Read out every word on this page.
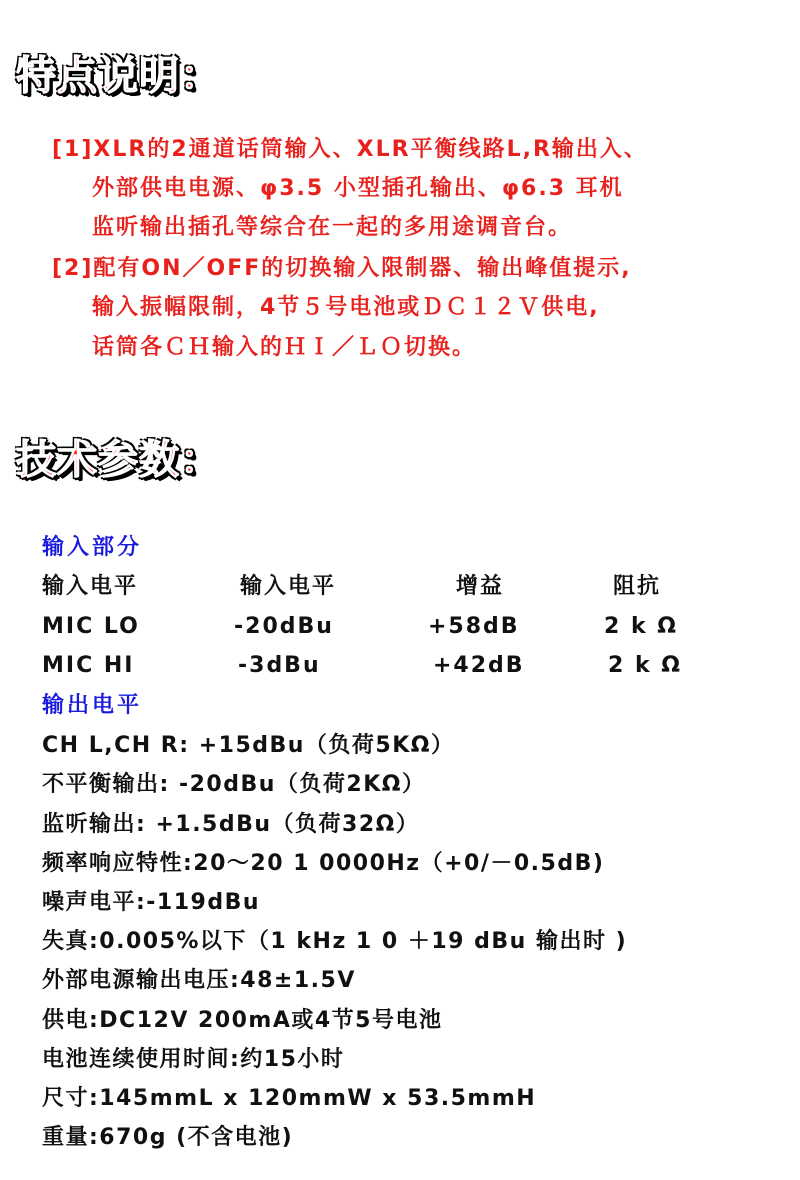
特点说明：
[1]XLR的2通道话筒输入、XLR平衡线路L,R输出入、
外部供电电源、φ3.5 小型插孔输出、φ6.3 耳机
监听输出插孔等综合在一起的多用途调音台。
[2]配有ON／OFF的切换输入限制器、输出峰值提示,
输入振幅限制，4节５号电池或ＤＣ１２Ｖ供电,
话筒各ＣＨ输入的ＨＩ／ＬＯ切换。
技术参数：
输入部分
输入电平	输入电平	增益	阻抗
MIC LO	-20dBu	+58dB	2 k Ω
MIC HI	-3dBu	+42dB	2 k Ω
输出电平
CH L,CH R: +15dBu（负荷5KΩ）
不平衡输出: -20dBu（负荷2KΩ）
监听输出: +1.5dBu（负荷32Ω）
频率响应特性:20～20 1 0000Hz（+0/－0.5dB)
噪声电平:-119dBu
失真:0.005%以下（1 kHz 1 0 ＋19 dBu 输出时 )
外部电源输出电压:48±1.5V
供电:DC12V 200mA或4节5号电池
电池连续使用时间:约15小时
尺寸:145mmL x 120mmW x 53.5mmH
重量:670g (不含电池)
